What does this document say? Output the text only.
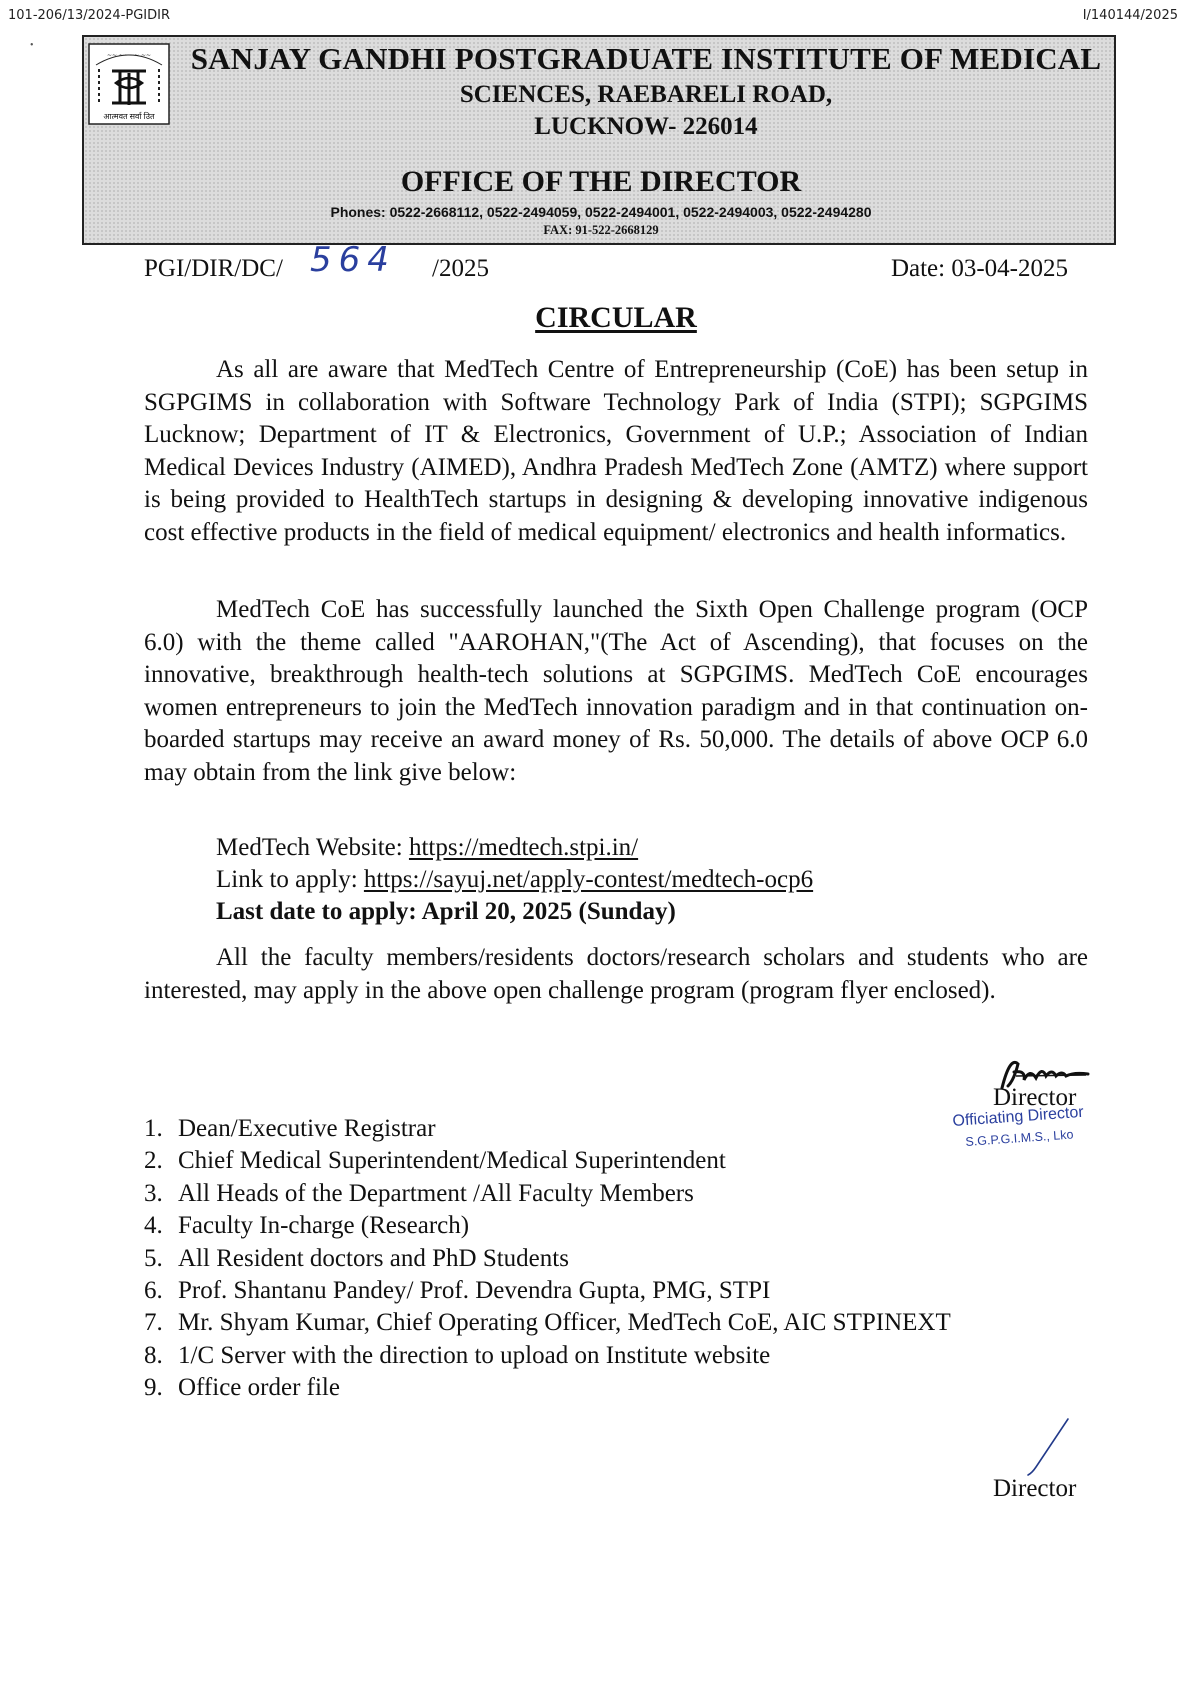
101-206/13/2024-PGIDIR	I/140144/2025
•
~~ ~~~~ ~~
आत्मवत सर्वा उित
SANJAY GANDHI POSTGRADUATE INSTITUTE OF MEDICAL
SCIENCES, RAEBARELI ROAD,
LUCKNOW- 226014
OFFICE OF THE DIRECTOR
Phones: 0522-2668112, 0522-2494059, 0522-2494001, 0522-2494003, 0522-2494280
FAX: 91-522-2668129
PGI/DIR/DC/ 564 /2025	Date: 03-04-2025
CIRCULAR

As all are aware that MedTech Centre of Entrepreneurship (CoE) has been setup in SGPGIMS in collaboration with Software Technology Park of India (STPI); SGPGIMS Lucknow; Department of IT & Electronics, Government of U.P.; Association of Indian Medical Devices Industry (AIMED), Andhra Pradesh MedTech Zone (AMTZ) where support is being provided to HealthTech startups in designing & developing innovative indigenous cost effective products in the field of medical equipment/ electronics and health informatics.

MedTech CoE has successfully launched the Sixth Open Challenge program (OCP 6.0) with the theme called "AAROHAN,"(The Act of Ascending), that focuses on the innovative, breakthrough health-tech solutions at SGPGIMS. MedTech CoE encourages women entrepreneurs to join the MedTech innovation paradigm and in that continuation on-boarded startups may receive an award money of Rs. 50,000. The details of above OCP 6.0 may obtain from the link give below:

MedTech Website: https://medtech.stpi.in/
Link to apply: https://sayuj.net/apply-contest/medtech-ocp6
Last date to apply: April 20, 2025 (Sunday)

All the faculty members/residents doctors/research scholars and students who are interested, may apply in the above open challenge program (program flyer enclosed).

Director
Officiating Director
S.G.P.G.I.M.S., Lko
1. Dean/Executive Registrar
2. Chief Medical Superintendent/Medical Superintendent
3. All Heads of the Department /All Faculty Members
4. Faculty In-charge (Research)
5. All Resident doctors and PhD Students
6. Prof. Shantanu Pandey/ Prof. Devendra Gupta, PMG, STPI
7. Mr. Shyam Kumar, Chief Operating Officer, MedTech CoE, AIC STPINEXT
8. 1/C Server with the direction to upload on Institute website
9. Office order file
Director
